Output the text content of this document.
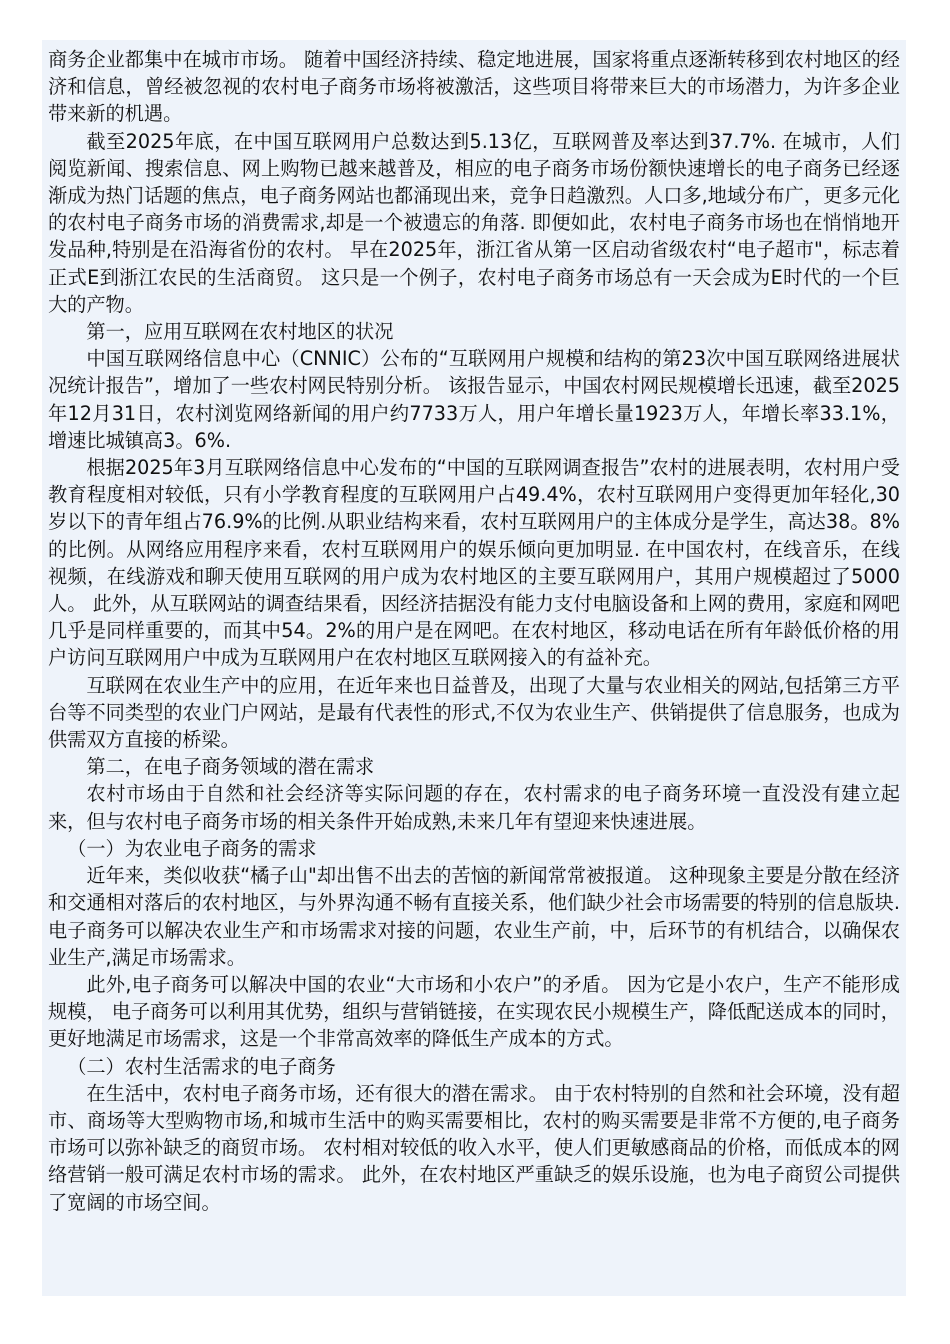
商务企业都集中在城市市场。 随着中国经济持续、稳定地进展，国家将重点逐渐转移到农村地区的经济和信息，曾经被忽视的农村电子商务市场将被激活，这些项目将带来巨大的市场潜力，为许多企业带来新的机遇。

截至2025年底，在中国互联网用户总数达到5.13亿，互联网普及率达到37.7%. 在城市，人们阅览新闻、搜索信息、网上购物已越来越普及，相应的电子商务市场份额快速增长的电子商务已经逐渐成为热门话题的焦点，电子商务网站也都涌现出来，竞争日趋激烈。人口多,地域分布广，更多元化的农村电子商务市场的消费需求,却是一个被遗忘的角落. 即便如此，农村电子商务市场也在悄悄地开发品种,特别是在沿海省份的农村。 早在2025年，浙江省从第一区启动省级农村“电子超市"，标志着正式E到浙江农民的生活商贸。 这只是一个例子，农村电子商务市场总有一天会成为E时代的一个巨大的产物。

第一，应用互联网在农村地区的状况

中国互联网络信息中心（CNNIC）公布的“互联网用户规模和结构的第23次中国互联网络进展状况统计报告”，增加了一些农村网民特别分析。 该报告显示，中国农村网民规模增长迅速，截至2025年12月31日，农村浏览网络新闻的用户约7733万人，用户年增长量1923万人，年增长率33.1%，增速比城镇高3。6%.

根据2025年3月互联网络信息中心发布的“中国的互联网调查报告”农村的进展表明，农村用户受教育程度相对较低，只有小学教育程度的互联网用户占49.4%，农村互联网用户变得更加年轻化,30岁以下的青年组占76.9%的比例.从职业结构来看，农村互联网用户的主体成分是学生，高达38。8%的比例。从网络应用程序来看，农村互联网用户的娱乐倾向更加明显. 在中国农村，在线音乐，在线视频，在线游戏和聊天使用互联网的用户成为农村地区的主要互联网用户，其用户规模超过了5000人。 此外，从互联网站的调查结果看，因经济拮据没有能力支付电脑设备和上网的费用，家庭和网吧几乎是同样重要的，而其中54。2%的用户是在网吧。在农村地区，移动电话在所有年龄低价格的用户访问互联网用户中成为互联网用户在农村地区互联网接入的有益补充。

互联网在农业生产中的应用，在近年来也日益普及，出现了大量与农业相关的网站,包括第三方平台等不同类型的农业门户网站，是最有代表性的形式,不仅为农业生产、供销提供了信息服务，也成为供需双方直接的桥梁。

第二，在电子商务领域的潜在需求

农村市场由于自然和社会经济等实际问题的存在，农村需求的电子商务环境一直没没有建立起来，但与农村电子商务市场的相关条件开始成熟,未来几年有望迎来快速进展。

（一）为农业电子商务的需求

近年来，类似收获“橘子山"却出售不出去的苦恼的新闻常常被报道。 这种现象主要是分散在经济和交通相对落后的农村地区，与外界沟通不畅有直接关系，他们缺少社会市场需要的特别的信息版块. 电子商务可以解决农业生产和市场需求对接的问题，农业生产前，中，后环节的有机结合，以确保农业生产,满足市场需求。

此外,电子商务可以解决中国的农业“大市场和小农户”的矛盾。 因为它是小农户，生产不能形成规模， 电子商务可以利用其优势，组织与营销链接，在实现农民小规模生产，降低配送成本的同时，更好地满足市场需求，这是一个非常高效率的降低生产成本的方式。

（二）农村生活需求的电子商务

在生活中，农村电子商务市场，还有很大的潜在需求。 由于农村特别的自然和社会环境，没有超市、商场等大型购物市场,和城市生活中的购买需要相比，农村的购买需要是非常不方便的,电子商务市场可以弥补缺乏的商贸市场。 农村相对较低的收入水平，使人们更敏感商品的价格，而低成本的网络营销一般可满足农村市场的需求。 此外，在农村地区严重缺乏的娱乐设施，也为电子商贸公司提供了宽阔的市场空间。
